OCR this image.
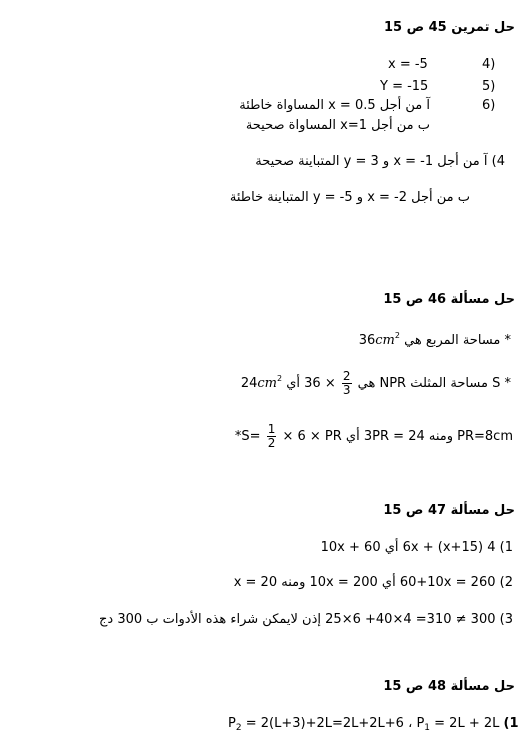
حل تمرين 45 ص 15
4)
x = -5
5)
Y = -15
6)
آ من أجل x = 0.5 المساواة خاطئة
ب من أجل x=1 المساواة صحيحة
4) آ من أجل x = -1 و y = 3 المتباينة صحيحة
ب من أجل x = -2 و y = -5 المتباينة خاطئة
حل مسألة 46 ص 15
* مساحة المربع هي $36cm^2$
* S مساحة المثلث NPR هي
$\frac{2}{3}$
× 36 أي $24cm^2$
PR=8cm ومنه 24 = 3PR أي S=
$\frac{1}{2}$
× 6 × PR*
حل مسألة 47 ص 15
1) 4 (x+15) + 6x أي 60 + 10x
2) 260 = 60+10x أي 200 = 10x ومنه x = 20
3) 300 ≠ 310= 4×40+ 6×25 إذن لايمكن شراء هذه الأدوات ب 300 دج
حل مسألة 48 ص 15
$P_2 = 2(L+3)+2L=2L+2L+6$ ، $P_1 = 2L + 2L$ (1
